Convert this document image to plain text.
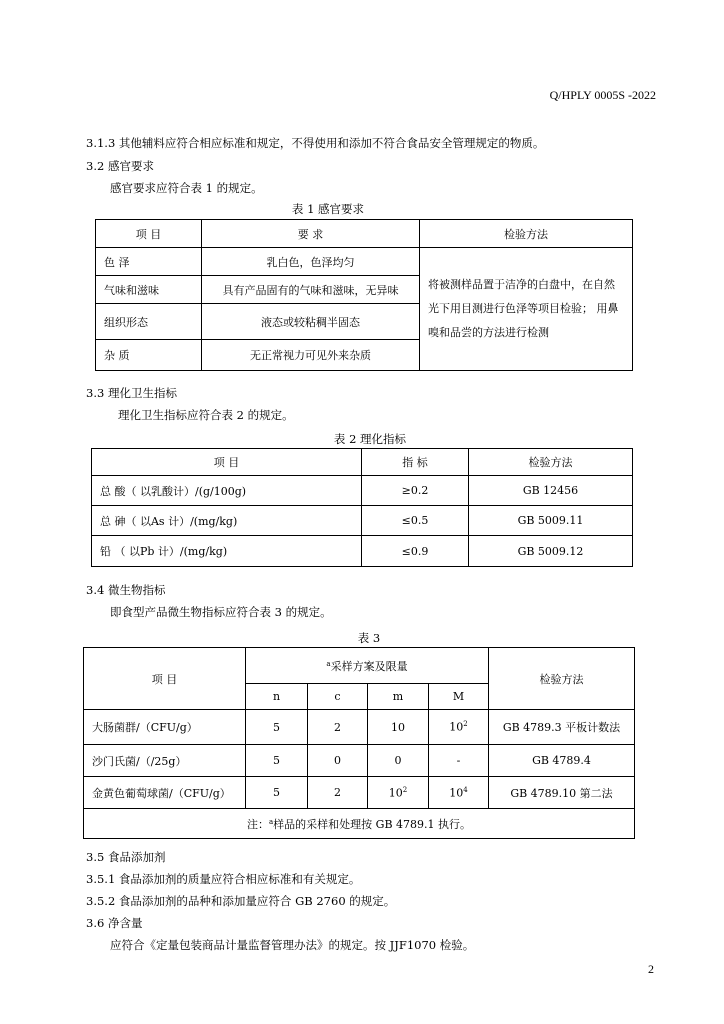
Q/HPLY 0005S -2022
3.1.3 其他辅料应符合相应标准和规定，不得使用和添加不符合食品安全管理规定的物质。
3.2 感官要求
感官要求应符合表 1 的规定。
表 1 感官要求
项 目	要 求	检验方法
色 泽	乳白色，色泽均匀	将被测样品置于洁净的白盘中，在自然光下用目测进行色泽等项目检验； 用鼻嗅和品尝的方法进行检测
气味和滋味	具有产品固有的气味和滋味，无异味	
组织形态	液态或较粘稠半固态	
杂 质	无正常视力可见外来杂质	
3.3 理化卫生指标
理化卫生指标应符合表 2 的规定。
表 2 理化指标
项 目	指 标	检验方法
总 酸（ 以乳酸计）/(g/100g)	≥0.2	GB 12456
总 砷（ 以As 计）/(mg/kg)	≤0.5	GB 5009.11
铅 （ 以Pb 计）/(mg/kg)	≤0.9	GB 5009.12
3.4 微生物指标
即食型产品微生物指标应符合表 3 的规定。
表 3
项 目	$^a$采样方案及限量				检验方法
	n	c	m	M	
大肠菌群/（CFU/g）	5	2	10	$10^2$	GB 4789.3 平板计数法
沙门氏菌/（/25g）	5	0	0	-	GB 4789.4
金黄色葡萄球菌/（CFU/g）	5	2	$10^2$	$10^4$	GB 4789.10 第二法
注：$^a$样品的采样和处理按 GB 4789.1 执行。					
3.5 食品添加剂
3.5.1 食品添加剂的质量应符合相应标准和有关规定。
3.5.2 食品添加剂的品种和添加量应符合 GB 2760 的规定。
3.6 净含量
应符合《定量包装商品计量监督管理办法》的规定。按 JJF1070 检验。
2
